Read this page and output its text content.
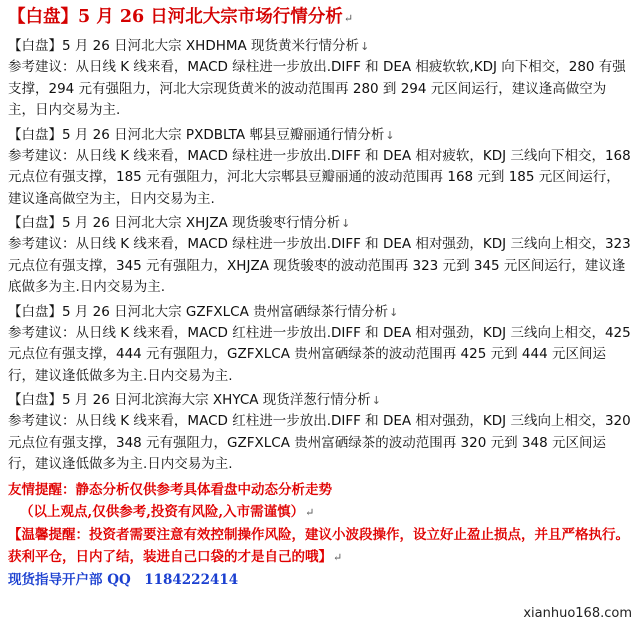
【白盘】5 月 26 日河北大宗市场行情分析↵

【白盘】5 月 26 日河北大宗 XHDHMA 现货黄米行情分析↓

参考建议：从日线 K 线来看，MACD 绿柱进一步放出.DIFF 和 DEA 相疲软软,KDJ 向下相交，280 有强支撑，294 元有强阻力，河北大宗现货黄米的波动范围再 280 到 294 元区间运行，建议逢高做空为主，日内交易为主.

【白盘】5 月 26 日河北大宗 PXDBLTA 郫县豆瓣丽通行情分析↓

参考建议：从日线 K 线来看，MACD 绿柱进一步放出.DIFF 和 DEA 相对疲软，KDJ 三线向下相交，168 元点位有强支撑，185 元有强阻力，河北大宗郫县豆瓣丽通的波动范围再 168 元到 185 元区间运行，建议逢高做空为主，日内交易为主.

【白盘】5 月 26 日河北大宗 XHJZA 现货骏枣行情分析↓

参考建议：从日线 K 线来看，MACD 绿柱进一步放出.DIFF 和 DEA 相对强劲，KDJ 三线向上相交，323 元点位有强支撑，345 元有强阻力，XHJZA 现货骏枣的波动范围再 323 元到 345 元区间运行，建议逢底做多为主.日内交易为主.

【白盘】5 月 26 日河北大宗 GZFXLCA 贵州富硒绿茶行情分析↓

参考建议：从日线 K 线来看，MACD 红柱进一步放出.DIFF 和 DEA 相对强劲，KDJ 三线向上相交，425 元点位有强支撑，444 元有强阻力，GZFXLCA 贵州富硒绿茶的波动范围再 425 元到 444 元区间运行，建议逢低做多为主.日内交易为主.

【白盘】5 月 26 日河北滨海大宗 XHYCA 现货洋葱行情分析↓

参考建议：从日线 K 线来看，MACD 红柱进一步放出.DIFF 和 DEA 相对强劲，KDJ 三线向上相交，320 元点位有强支撑，348 元有强阻力，GZFXLCA 贵州富硒绿茶的波动范围再 320 元到 348 元区间运行，建议逢低做多为主.日内交易为主.

友情提醒：静态分析仅供参考具体看盘中动态分析走势

（以上观点,仅供参考,投资有风险,入市需谨慎）↵

【温馨提醒：投资者需要注意有效控制操作风险，建议小波段操作，设立好止盈止损点，并且严格执行。获利平仓，日内了结，装进自己口袋的才是自己的哦】↵

现货指导开户部 QQ　1184222414

xianhuo168.com
